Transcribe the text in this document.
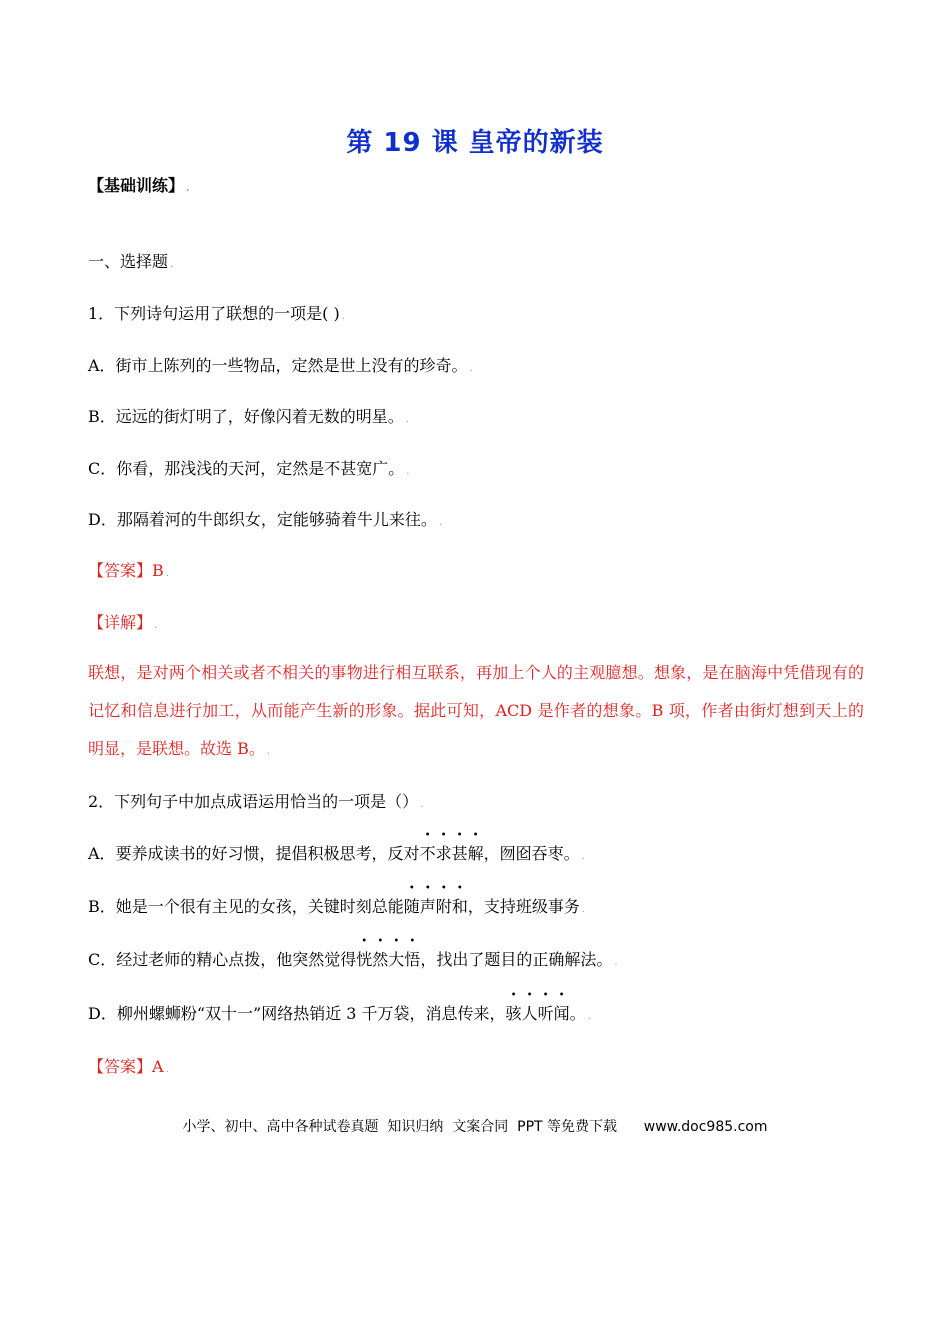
第 19 课 皇帝的新装
【基础训练】 .
一、选择题 .
1．下列诗句运用了联想的一项是( ) .
A．街市上陈列的一些物品，定然是世上没有的珍奇。 .
B．远远的街灯明了，好像闪着无数的明星。 .
C．你看，那浅浅的天河，定然是不甚宽广。 .
D．那隔着河的牛郎织女，定能够骑着牛儿来往。 .
【答案】B .
【详解】 .
联想，是对两个相关或者不相关的事物进行相互联系，再加上个人的主观臆想。想象，是在脑海中凭借现有的记忆和信息进行加工，从而能产生新的形象。据此可知，ACD 是作者的想象。B 项，作者由街灯想到天上的明显，是联想。故选 B。 .
2．下列句子中加点成语运用恰当的一项是（） .
A．要养成读书的好习惯，提倡积极思考，反对不求甚解，囫囵吞枣。 .
B．她是一个很有主见的女孩，关键时刻总能随声附和，支持班级事务 .
C．经过老师的精心点拨，他突然觉得恍然大悟，找出了题目的正确解法。 .
D．柳州螺蛳粉“双十一”网络热销近 3 千万袋，消息传来，骇人听闻。 .
【答案】A .
小学、初中、高中各种试卷真题  知识归纳  文案合同  PPT 等免费下载 www.doc985.com
